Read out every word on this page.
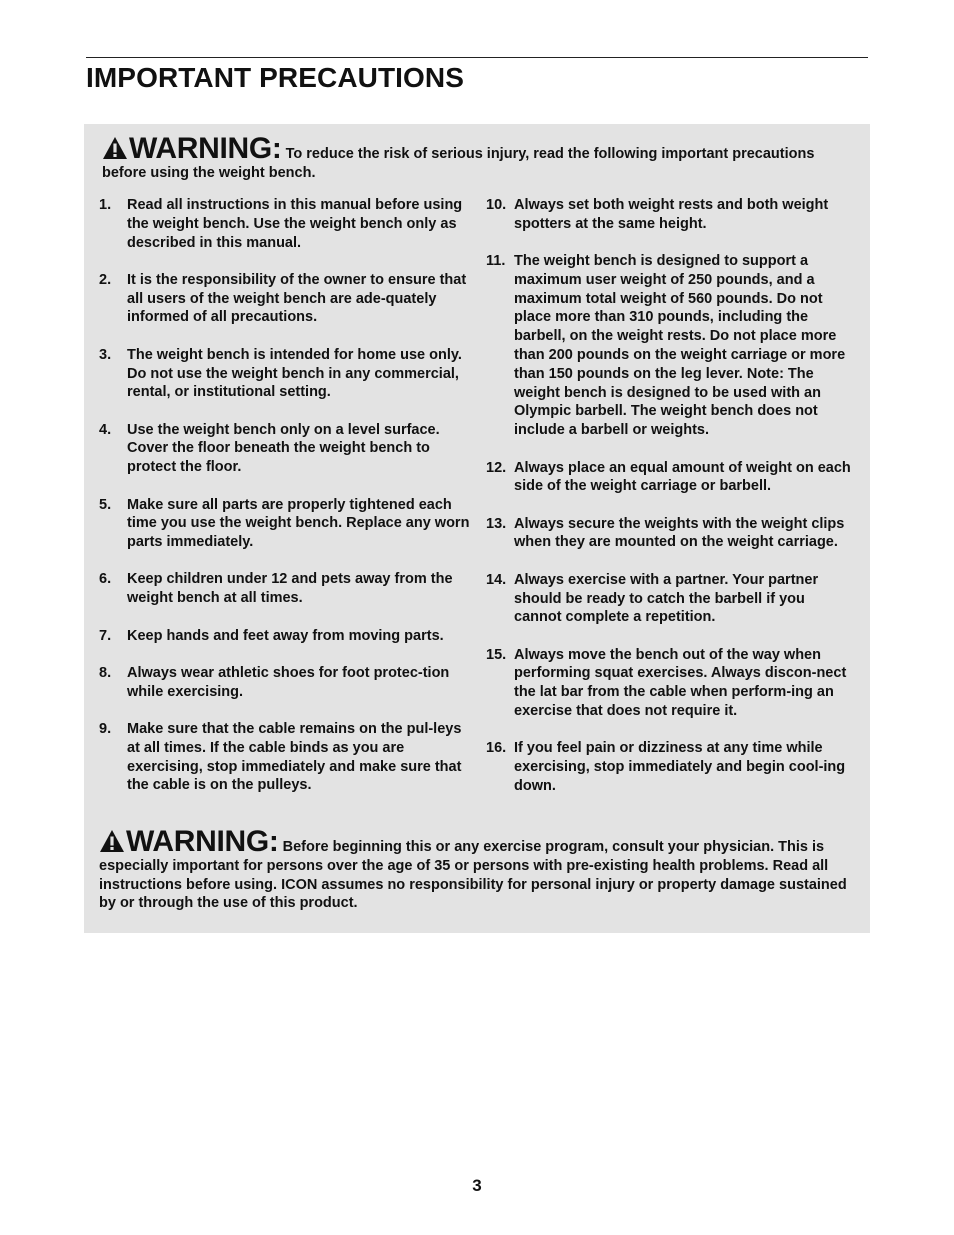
IMPORTANT PRECAUTIONS
WARNING: To reduce the risk of serious injury, read the following important precautions before using the weight bench.
1.	Read all instructions in this manual before using the weight bench. Use the weight bench only as described in this manual.
2.	It is the responsibility of the owner to ensure that all users of the weight bench are ade-quately informed of all precautions.
3.	The weight bench is intended for home use only. Do not use the weight bench in any commercial, rental, or institutional setting.
4.	Use the weight bench only on a level surface. Cover the floor beneath the weight bench to protect the floor.
5.	Make sure all parts are properly tightened each time you use the weight bench. Replace any worn parts immediately.
6.	Keep children under 12 and pets away from the weight bench at all times.
7.	Keep hands and feet away from moving parts.
8.	Always wear athletic shoes for foot protec-tion while exercising.
9.	Make sure that the cable remains on the pul-leys at all times. If the cable binds as you are exercising, stop immediately and make sure that the cable is on the pulleys.
10. Always set both weight rests and both weight spotters at the same height.
11. The weight bench is designed to support a maximum user weight of 250 pounds, and a maximum total weight of 560 pounds. Do not place more than 310 pounds, including the barbell, on the weight rests. Do not place more than 200 pounds on the weight carriage or more than 150 pounds on the leg lever. Note: The weight bench is designed to be used with an Olympic barbell. The weight bench does not include a barbell or weights.
12. Always place an equal amount of weight on each side of the weight carriage or barbell.
13. Always secure the weights with the weight clips when they are mounted on the weight carriage.
14. Always exercise with a partner. Your partner should be ready to catch the barbell if you cannot complete a repetition.
15. Always move the bench out of the way when performing squat exercises. Always discon-nect the lat bar from the cable when perform-ing an exercise that does not require it.
16. If you feel pain or dizziness at any time while exercising, stop immediately and begin cool-ing down.
WARNING: Before beginning this or any exercise program, consult your physician. This is especially important for persons over the age of 35 or persons with pre-existing health problems. Read all instructions before using. ICON assumes no responsibility for personal injury or property damage sustained by or through the use of this product.
3
